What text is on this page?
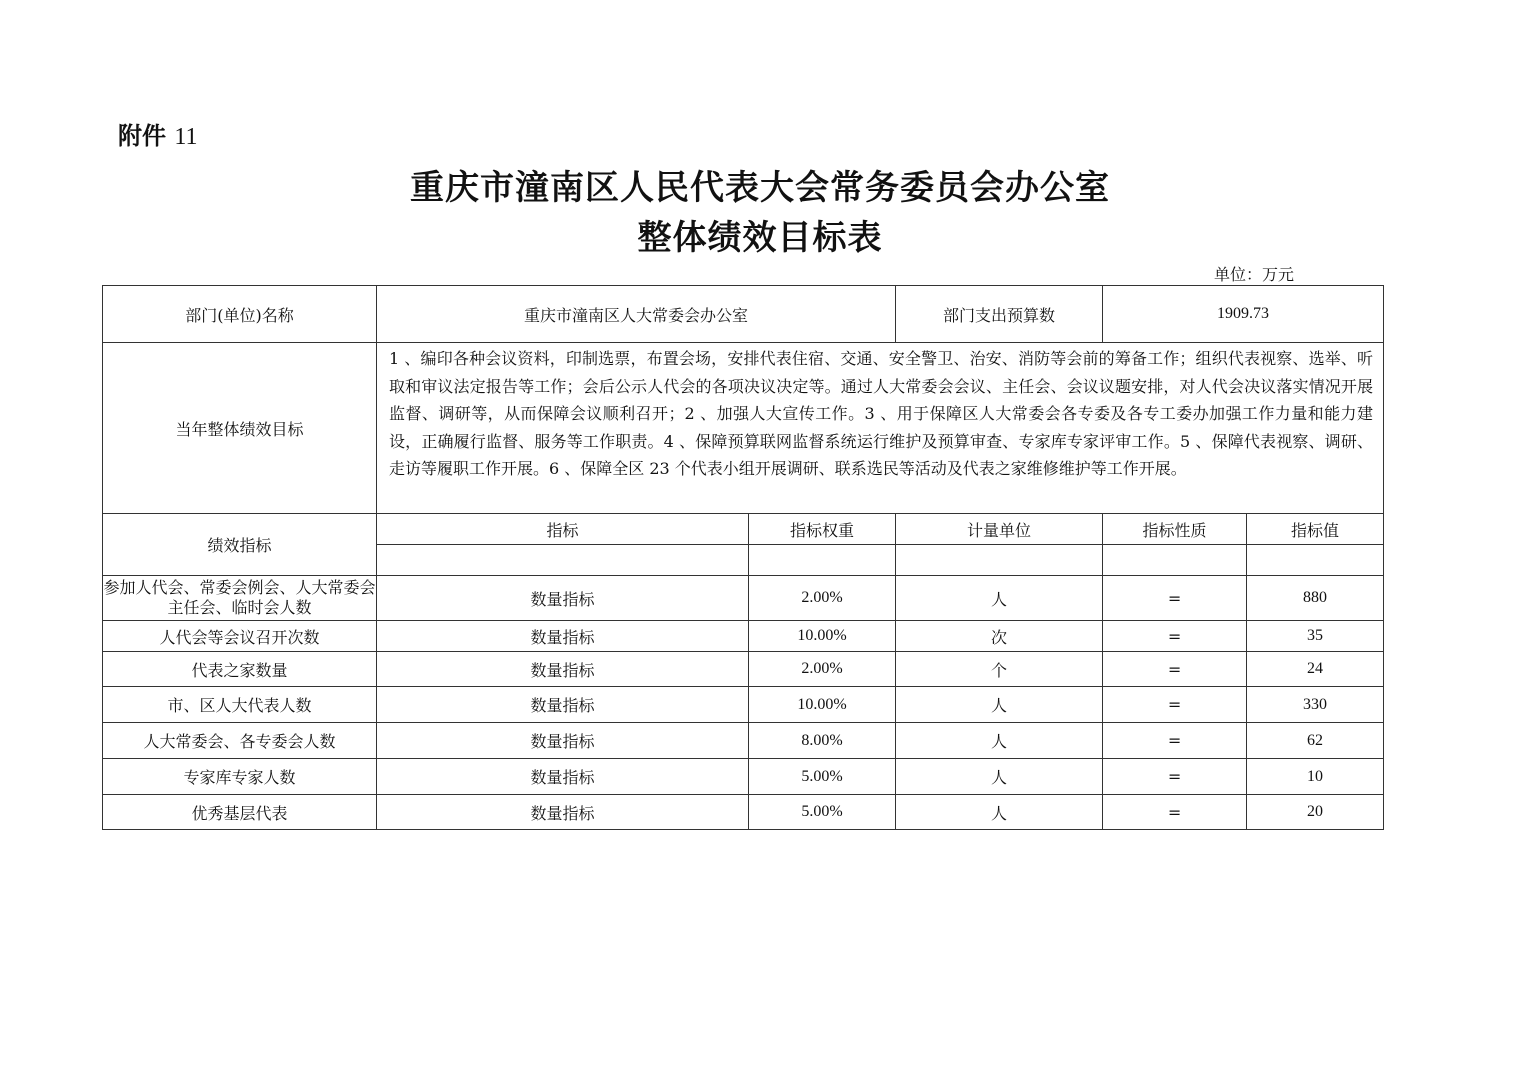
附件 11
重庆市潼南区人民代表大会常务委员会办公室
整体绩效目标表
单位：万元
部门(单位)名称	重庆市潼南区人大常委会办公室		部门支出预算数	1909.73	
当年整体绩效目标	1 、编印各种会议资料，印制选票，布置会场，安排代表住宿、交通、安全警卫、治安、消防等会前的筹备工作；组织代表视察、选举、听取和审议法定报告等工作；会后公示人代会的各项决议决定等。通过人大常委会会议、主任会、会议议题安排，对人代会决议落实情况开展监督、调研等，从而保障会议顺利召开；2 、加强人大宣传工作。3 、用于保障区人大常委会各专委及各专工委办加强工作力量和能力建设，正确履行监督、服务等工作职责。4 、保障预算联网监督系统运行维护及预算审查、专家库专家评审工作。5 、保障代表视察、调研、走访等履职工作开展。6 、保障全区 23 个代表小组开展调研、联系选民等活动及代表之家维修维护等工作开展。				
绩效指标	指标	指标权重	计量单位	指标性质	指标值

参加人代会、常委会例会、人大常委会主任会、临时会人数	数量指标	2.00%	人	=	880
人代会等会议召开次数	数量指标	10.00%	次	=	35
代表之家数量	数量指标	2.00%	个	=	24
市、区人大代表人数	数量指标	10.00%	人	=	330
人大常委会、各专委会人数	数量指标	8.00%	人	=	62
专家库专家人数	数量指标	5.00%	人	=	10
优秀基层代表	数量指标	5.00%	人	=	20
